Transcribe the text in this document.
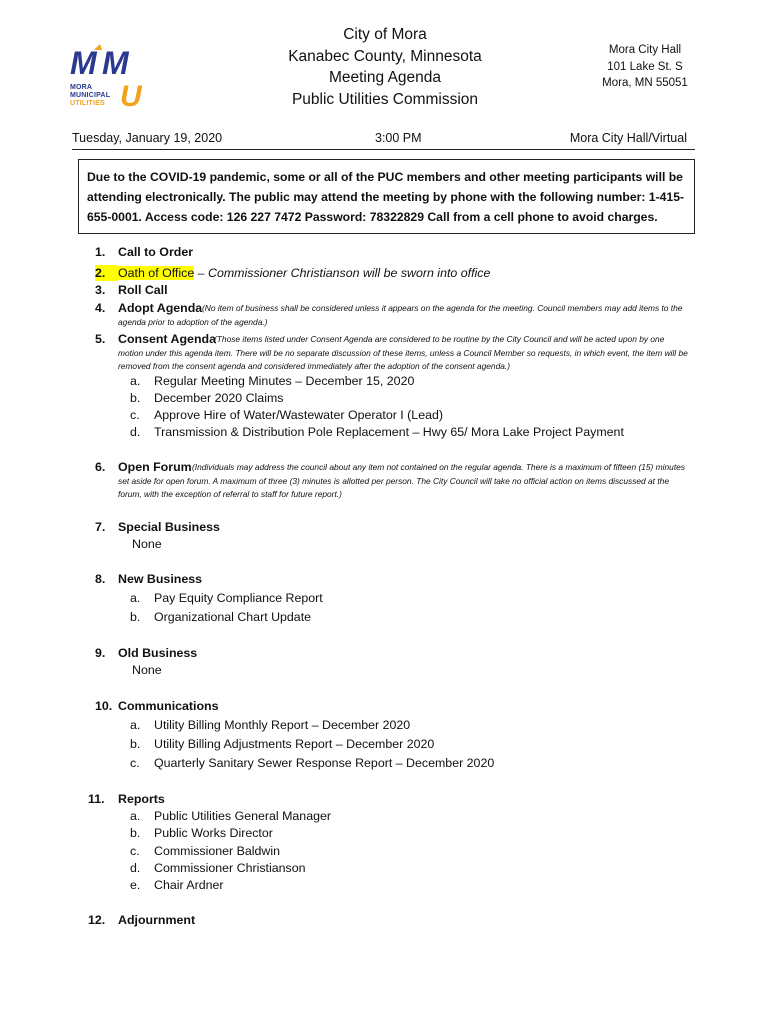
M M
U
MORA
MUNICIPAL
UTILITIES
City of Mora
Kanabec County, Minnesota
Meeting Agenda
Public Utilities Commission
Mora City Hall
101 Lake St. S
Mora, MN 55051
Tuesday, January 19, 2020	3:00 PM	Mora City Hall/Virtual
Due to the COVID-19 pandemic, some or all of the PUC members and other meeting participants will be attending electronically. The public may attend the meeting by phone with the following number: 1-415-655-0001. Access code: 126 227 7472 Password: 78322829 Call from a cell phone to avoid charges.
1. Call to Order
2. Oath of Office – Commissioner Christianson will be sworn into office
3. Roll Call
4. Adopt Agenda (No item of business shall be considered unless it appears on the agenda for the meeting. Council members may add items to the agenda prior to adoption of the agenda.)
5. Consent Agenda
(Those items listed under Consent Agenda are considered to be routine by the City Council and will be acted upon by one motion under this agenda item. There will be no separate discussion of these items, unless a Council Member so requests, in which event, the item will be removed from the consent agenda and considered immediately after the adoption of the consent agenda.)
a. Regular Meeting Minutes – December 15, 2020
b. December 2020 Claims
c. Approve Hire of Water/Wastewater Operator I (Lead)
d. Transmission & Distribution Pole Replacement – Hwy 65/ Mora Lake Project Payment
6. Open Forum (Individuals may address the council about any item not contained on the regular agenda. There is a maximum of fifteen (15) minutes set aside for open forum. A maximum of three (3) minutes is allotted per person. The City Council will take no official action on items discussed at the forum, with the exception of referral to staff for future report.)
7. Special Business
None
8. New Business
a. Pay Equity Compliance Report
b. Organizational Chart Update
9. Old Business
None
10. Communications
a. Utility Billing Monthly Report – December 2020
b. Utility Billing Adjustments Report – December 2020
c. Quarterly Sanitary Sewer Response Report – December 2020
11. Reports
a. Public Utilities General Manager
b. Public Works Director
c. Commissioner Baldwin
d. Commissioner Christianson
e. Chair Ardner
12. Adjournment
